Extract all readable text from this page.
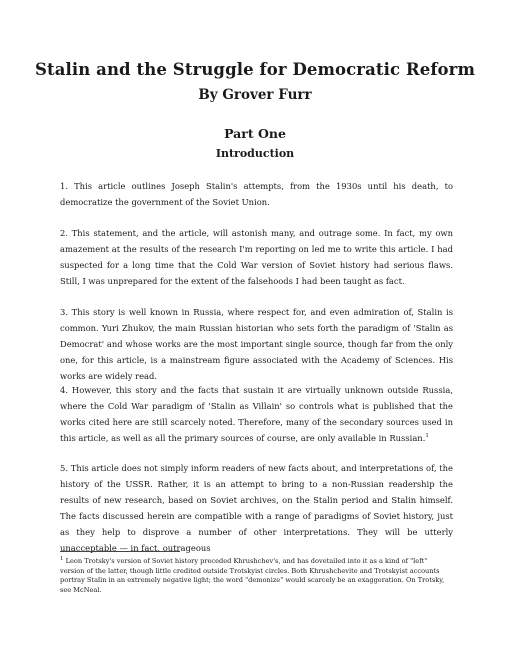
Stalin and the Struggle for Democratic Reform
By Grover Furr
Part One
Introduction

1. This article outlines Joseph Stalin's attempts, from the 1930s until his death, to democratize the government of the Soviet Union.

2. This statement, and the article, will astonish many, and outrage some. In fact, my own amazement at the results of the research I'm reporting on led me to write this article. I had suspected for a long time that the Cold War version of Soviet history had serious flaws. Still, I was unprepared for the extent of the falsehoods I had been taught as fact.

3. This story is well known in Russia, where respect for, and even admiration of, Stalin is common. Yuri Zhukov, the main Russian historian who sets forth the paradigm of 'Stalin as Democrat' and whose works are the most important single source, though far from the only one, for this article, is a mainstream figure associated with the Academy of Sciences. His works are widely read.

4. However, this story and the facts that sustain it are virtually unknown outside Russia, where the Cold War paradigm of 'Stalin as Villain' so controls what is published that the works cited here are still scarcely noted. Therefore, many of the secondary sources used in this article, as well as all the primary sources of course, are only available in Russian.$^1$

5. This article does not simply inform readers of new facts about, and interpretations of, the history of the USSR. Rather, it is an attempt to bring to a non-Russian readership the results of new research, based on Soviet archives, on the Stalin period and Stalin himself. The facts discussed herein are compatible with a range of paradigms of Soviet history, just as they help to disprove a number of other interpretations. They will be utterly unacceptable — in fact, outrageous

$^1$ Leon Trotsky's version of Soviet history preceded Khrushchev's, and has dovetailed into it as a kind of "left" version of the latter, though little credited outside Trotskyist circles. Both Khrushchevite and Trotskyist accounts portray Stalin in an extremely negative light; the word "demonize" would scarcely be an exaggeration. On Trotsky, see McNeal.
